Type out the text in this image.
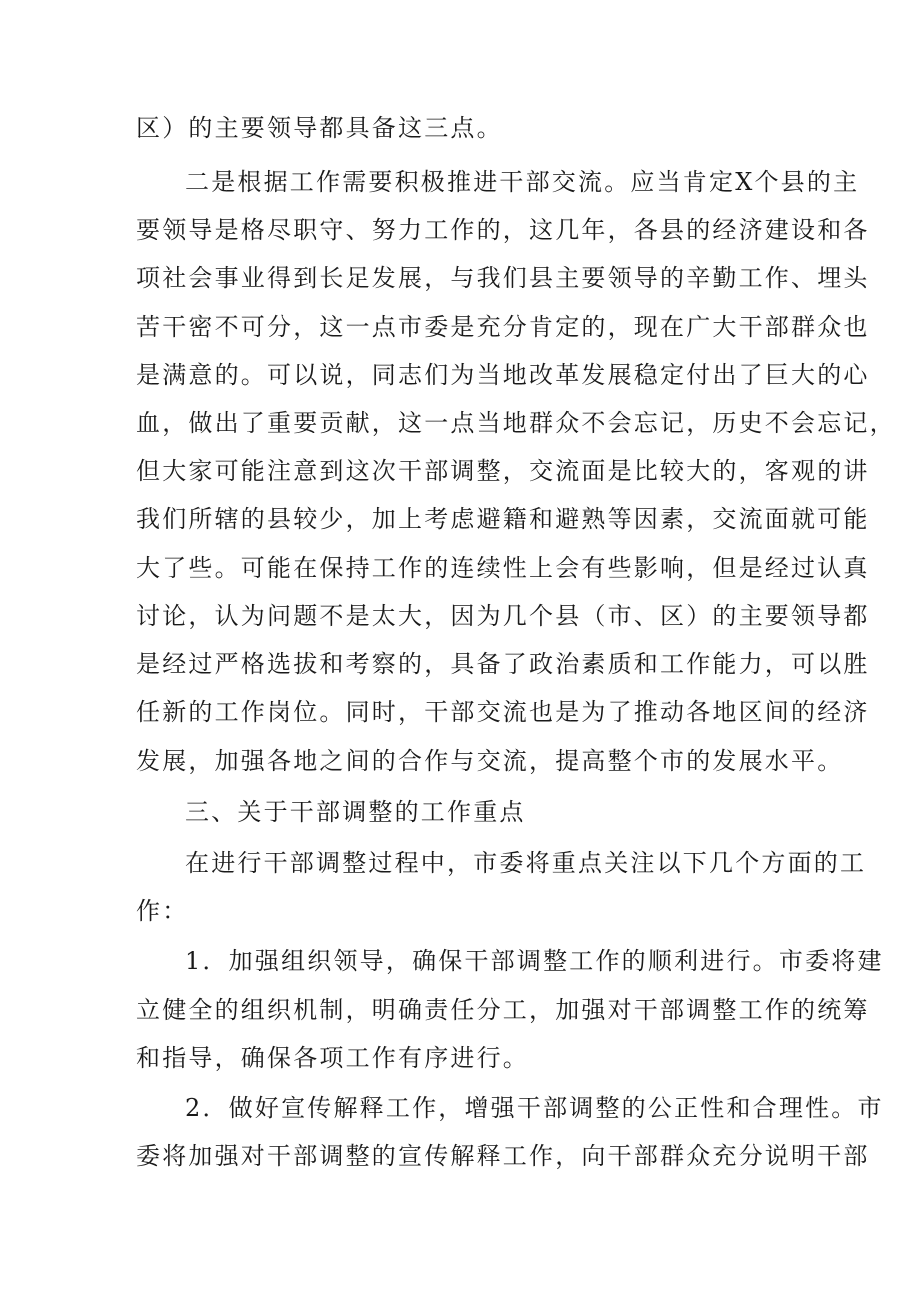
区）的主要领导都具备这三点。
二是根据工作需要积极推进干部交流。应当肯定X个县的主
要领导是格尽职守、努力工作的，这几年，各县的经济建设和各
项社会事业得到长足发展，与我们县主要领导的辛勤工作、埋头
苦干密不可分，这一点市委是充分肯定的，现在广大干部群众也
是满意的。可以说，同志们为当地改革发展稳定付出了巨大的心
血，做出了重要贡献，这一点当地群众不会忘记，历史不会忘记，
但大家可能注意到这次干部调整，交流面是比较大的，客观的讲
我们所辖的县较少，加上考虑避籍和避熟等因素，交流面就可能
大了些。可能在保持工作的连续性上会有些影响，但是经过认真
讨论，认为问题不是太大，因为几个县（市、区）的主要领导都
是经过严格选拔和考察的，具备了政治素质和工作能力，可以胜
任新的工作岗位。同时，干部交流也是为了推动各地区间的经济
发展，加强各地之间的合作与交流，提高整个市的发展水平。
三、关于干部调整的工作重点
在进行干部调整过程中，市委将重点关注以下几个方面的工
作：
1．加强组织领导，确保干部调整工作的顺利进行。市委将建
立健全的组织机制，明确责任分工，加强对干部调整工作的统筹
和指导，确保各项工作有序进行。
2．做好宣传解释工作，增强干部调整的公正性和合理性。市
委将加强对干部调整的宣传解释工作，向干部群众充分说明干部
